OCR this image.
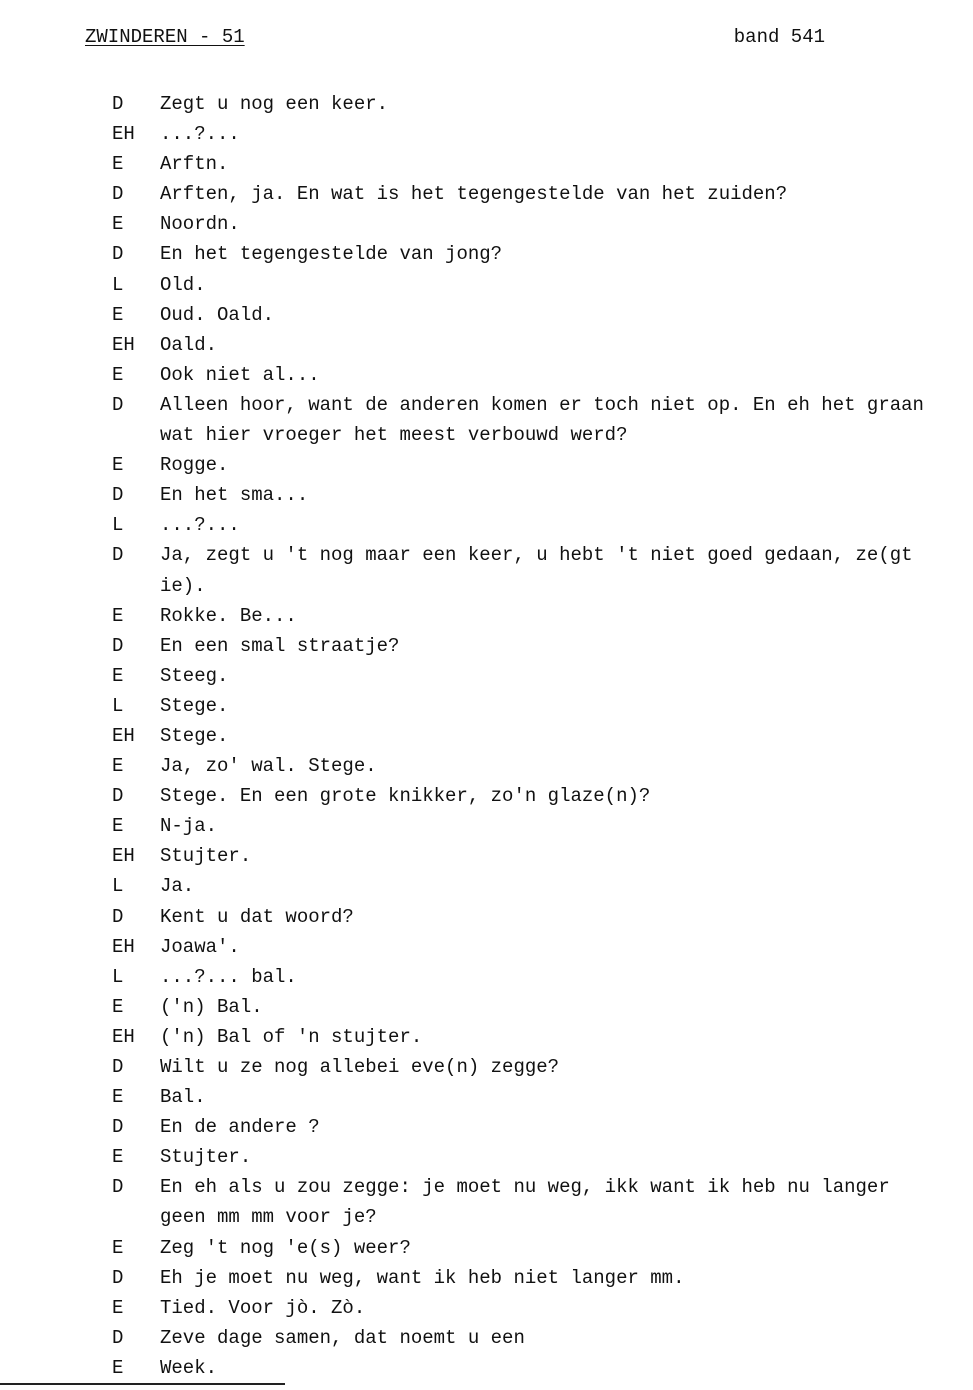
ZWINDEREN - 51	band 541
D	Zegt u nog een keer.
EH	...?...
E	Arftn.
D	Arften, ja. En wat is het tegengestelde van het zuiden?
E	Noordn.
D	En het tegengestelde van jong?
L	Old.
E	Oud. Oald.
EH	Oald.
E	Ook niet al...
D	Alleen hoor, want de anderen komen er toch niet op. En eh het graan
wat hier vroeger het meest verbouwd werd?
E	Rogge.
D	En het sma...
L	...?...
D	Ja, zegt u 't nog maar een keer, u hebt 't niet goed gedaan, ze(gt
ie).
E	Rokke. Be...
D	En een smal straatje?
E	Steeg.
L	Stege.
EH	Stege.
E	Ja, zo' wal. Stege.
D	Stege. En een grote knikker, zo'n glaze(n)?
E	N-ja.
EH	Stujter.
L	Ja.
D	Kent u dat woord?
EH	Joawa'.
L	...?... bal.
E	('n) Bal.
EH	('n) Bal of 'n stujter.
D	Wilt u ze nog allebei eve(n) zegge?
E	Bal.
D	En de andere ?
E	Stujter.
D	En eh als u zou zegge: je moet nu weg, ikk want ik heb nu langer
geen mm mm voor je?
E	Zeg 't nog 'e(s) weer?
D	Eh je moet nu weg, want ik heb niet langer mm.
E	Tied. Voor jò. Zò.
D	Zeve dage samen, dat noemt u een
E	Week.
